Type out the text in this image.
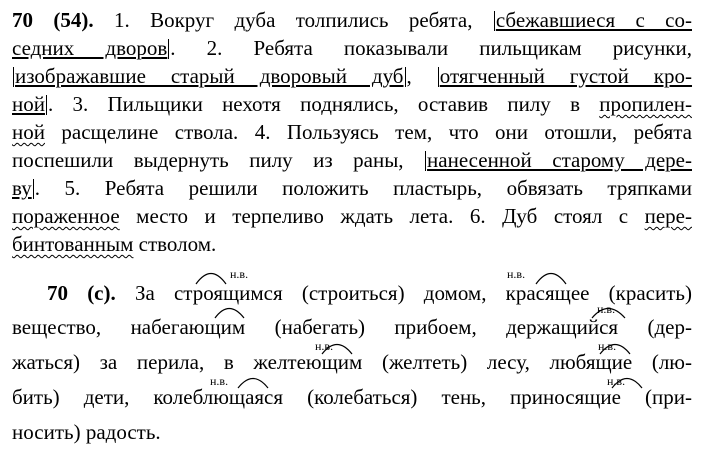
70 (54). 1. Вокруг дуба толпились ребята, сбежавшиеся с со-
седних дворов . 2. Ребята показывали пильщикам рисунки,
изображавшие старый дворовый дуб , отягченный густой кро-
ной . 3. Пильщики нехотя поднялись, оставив пилу в пропилен-
ной расщелине ствола. 4. Пользуясь тем, что они отошли, ребята
поспешили выдернуть пилу из раны, нанесенной старому дере-
ву . 5. Ребята решили положить пластырь, обвязать тряпками
пораженное место и терпеливо ждать лета. 6. Дуб стоял с пере-
бинтованным стволом.
70 (с). За строящимся (строиться) домом, красящее (красить)
вещество, набегающим (набегать) прибоем, держащийся (дер-
жаться) за перила, в желтеющим (желтеть) лесу, любящие (лю-
бить) дети, колеблющаяся (колебаться) тень, приносящие (при-
носить) радость.
н.в.	н.в.
н.в.
н.в.	н.в.
н.в.	н.в.
